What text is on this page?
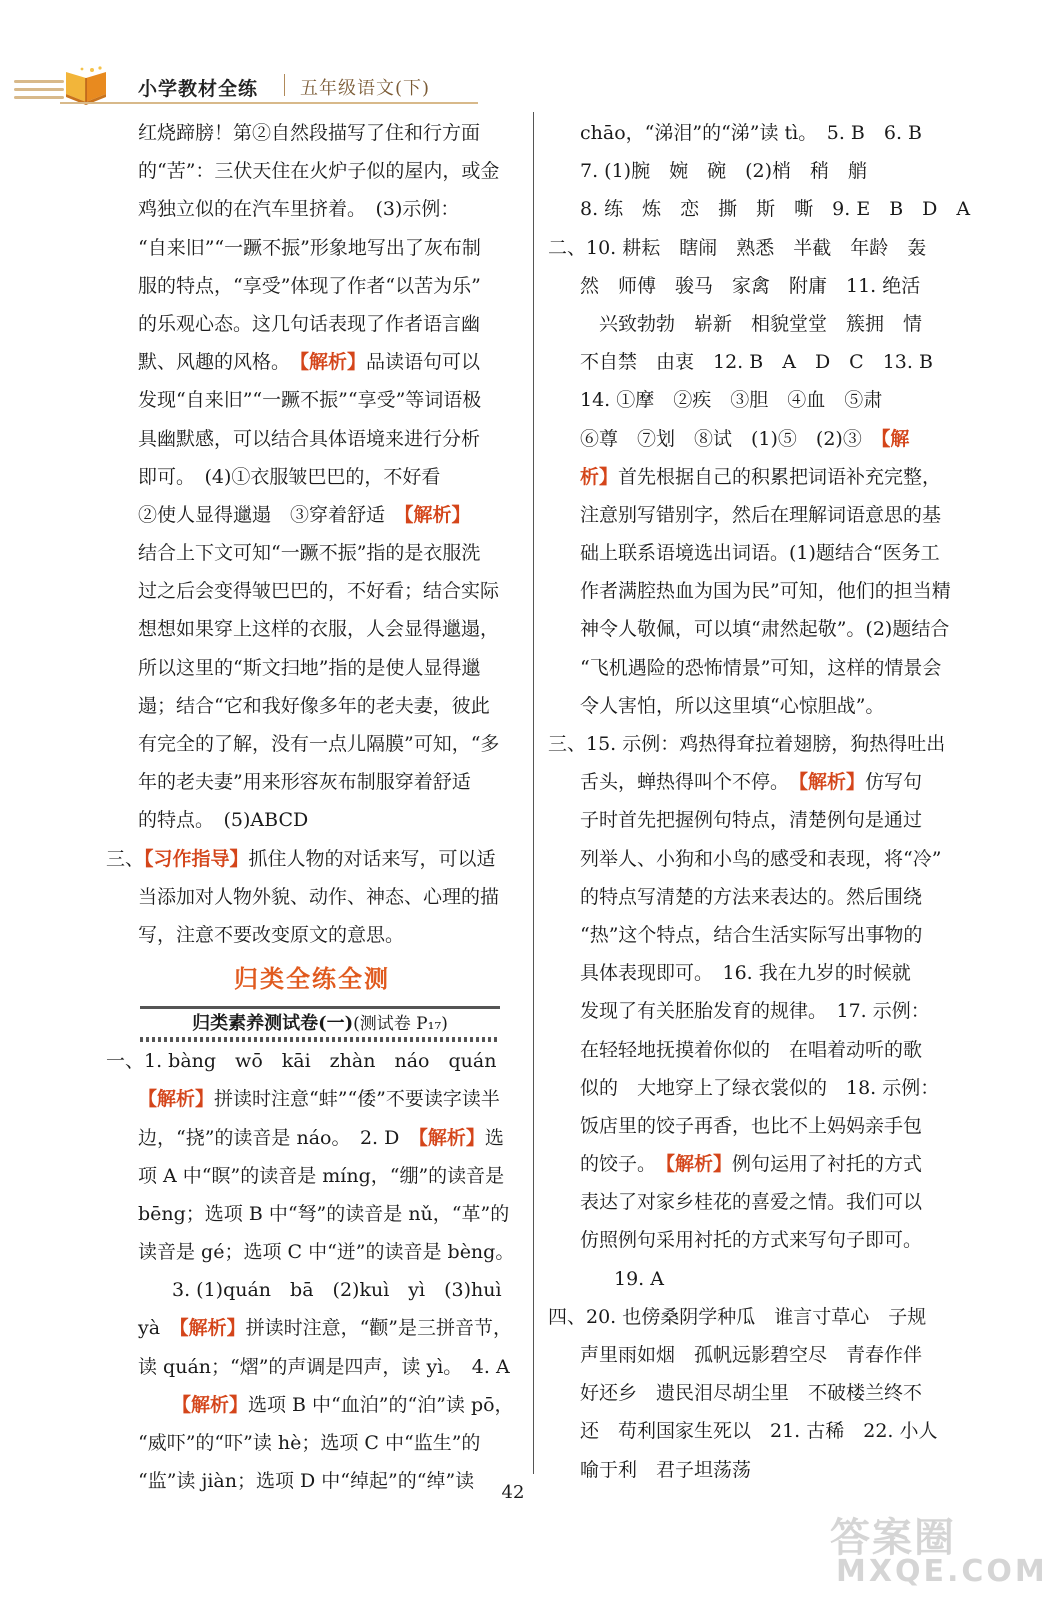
小学教材全练 五年级语文(下)
红烧蹄膀！第②自然段描写了住和行方面
的“苦”：三伏天住在火炉子似的屋内，或金
鸡独立似的在汽车里挤着。　(3)示例：
“自来旧”“一蹶不振”形象地写出了灰布制
服的特点，“享受”体现了作者“以苦为乐”
的乐观心态。这几句话表现了作者语言幽
默、风趣的风格。　【解析】品读语句可以
发现“自来旧”“一蹶不振”“享受”等词语极
具幽默感，可以结合具体语境来进行分析
即可。　(4)①衣服皱巴巴的，不好看
②使人显得邋遢　③穿着舒适　【解析】
结合上下文可知“一蹶不振”指的是衣服洗
过之后会变得皱巴巴的，不好看；结合实际
想想如果穿上这样的衣服，人会显得邋遢，
所以这里的“斯文扫地”指的是使人显得邋
遢；结合“它和我好像多年的老夫妻，彼此
有完全的了解，没有一点儿隔膜”可知，“多
年的老夫妻”用来形容灰布制服穿着舒适
的特点。　(5)ABCD
三、【习作指导】抓住人物的对话来写，可以适
当添加对人物外貌、动作、神态、心理的描
写，注意不要改变原文的意思。
归类全练全测
归类素养测试卷(一)(测试卷 P₁₇)
一、1. bàng　wō　kāi　zhàn　náo　quán
【解析】拼读时注意“蚌”“倭”不要读字读半
边，“挠”的读音是 náo。　2. D　【解析】选
项 A 中“瞑”的读音是 míng，“绷”的读音是
bēng；选项 B 中“弩”的读音是 nǔ，“革”的
读音是 gé；选项 C 中“迸”的读音是 bèng。
3. (1)quán　bā　(2)kuì　yì　(3)huì
yà　【解析】拼读时注意，“颧”是三拼音节，
读 quán；“熠”的声调是四声，读 yì。　4. A
【解析】选项 B 中“血泊”的“泊”读 pō，
“威吓”的“吓”读 hè；选项 C 中“监生”的
“监”读 jiàn；选项 D 中“绰起”的“绰”读
chāo，“涕泪”的“涕”读 tì。　5. B　6. B
7. (1)腕　婉　碗　(2)梢　稍　艄
8. 练　炼　恋　撕　斯　嘶　9. E　B　D　A
二、10. 耕耘　瞎闹　熟悉　半截　年龄　轰
然　师傅　骏马　家禽　附庸　11. 绝活
　兴致勃勃　崭新　相貌堂堂　簇拥　情
不自禁　由衷　12. B　A　D　C　13. B
14. ①摩　②疾　③胆　④血　⑤肃
⑥尊　⑦划　⑧试　(1)⑤　(2)③　【解
析】首先根据自己的积累把词语补充完整，
注意别写错别字，然后在理解词语意思的基
础上联系语境选出词语。(1)题结合“医务工
作者满腔热血为国为民”可知，他们的担当精
神令人敬佩，可以填“肃然起敬”。(2)题结合
“飞机遇险的恐怖情景”可知，这样的情景会
令人害怕，所以这里填“心惊胆战”。
三、15. 示例：鸡热得耷拉着翅膀，狗热得吐出
舌头，蝉热得叫个不停。　【解析】仿写句
子时首先把握例句特点，清楚例句是通过
列举人、小狗和小鸟的感受和表现，将“冷”
的特点写清楚的方法来表达的。然后围绕
“热”这个特点，结合生活实际写出事物的
具体表现即可。　16. 我在九岁的时候就
发现了有关胚胎发育的规律。　17. 示例：
在轻轻地抚摸着你似的　在唱着动听的歌
似的　大地穿上了绿衣裳似的　18. 示例：
饭店里的饺子再香，也比不上妈妈亲手包
的饺子。　【解析】例句运用了衬托的方式
表达了对家乡桂花的喜爱之情。我们可以
仿照例句采用衬托的方式来写句子即可。
19. A
四、20. 也傍桑阴学种瓜　谁言寸草心　子规
声里雨如烟　孤帆远影碧空尽　青春作伴
好还乡　遗民泪尽胡尘里　不破楼兰终不
还　苟利国家生死以　21. 古稀　22. 小人
喻于利　君子坦荡荡
42
答案圈
MXQE.COM
